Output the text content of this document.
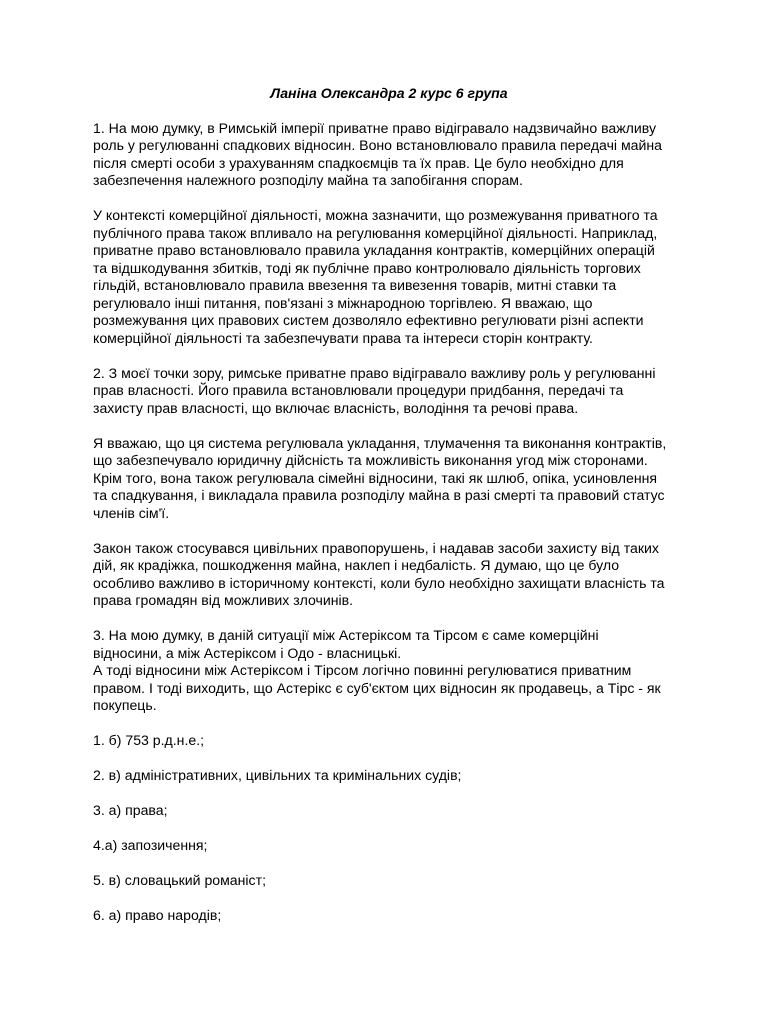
Ланіна Олександра 2 курс 6 група
1. На мою думку, в Римській імперії приватне право відігравало надзвичайно важливу
роль у регулюванні спадкових відносин. Воно встановлювало правила передачі майна
після смерті особи з урахуванням спадкоємців та їх прав. Це було необхідно для
забезпечення належного розподілу майна та запобігання спорам.
У контексті комерційної діяльності, можна зазначити, що розмежування приватного та
публічного права також впливало на регулювання комерційної діяльності. Наприклад,
приватне право встановлювало правила укладання контрактів, комерційних операцій
та відшкодування збитків, тоді як публічне право контролювало діяльність торгових
гільдій, встановлювало правила ввезення та вивезення товарів, митні ставки та
регулювало інші питання, пов'язані з міжнародною торгівлею. Я вважаю, що
розмежування цих правових систем дозволяло ефективно регулювати різні аспекти
комерційної діяльності та забезпечувати права та інтереси сторін контракту.
2. З моєї точки зору, римське приватне право відігравало важливу роль у регулюванні
прав власності. Його правила встановлювали процедури придбання, передачі та
захисту прав власності, що включає власність, володіння та речові права.
Я вважаю, що ця система регулювала укладання, тлумачення та виконання контрактів,
що забезпечувало юридичну дійсність та можливість виконання угод між сторонами.
Крім того, вона також регулювала сімейні відносини, такі як шлюб, опіка, усиновлення
та спадкування, і викладала правила розподілу майна в разі смерті та правовий статус
членів сім'ї.
Закон також стосувався цивільних правопорушень, і надавав засоби захисту від таких
дій, як крадіжка, пошкодження майна, наклеп і недбалість. Я думаю, що це було
особливо важливо в історичному контексті, коли було необхідно захищати власність та
права громадян від можливих злочинів.
3. На мою думку, в даній ситуації між Астеріксом та Тірсом є саме комерційні
відносини, а між Астеріксом і Одо - власницькі.
А тоді відносини між Астеріксом і Тірсом логічно повинні регулюватися приватним
правом. І тоді виходить, що Астерікс є суб'єктом цих відносин як продавець, а Тірс - як
покупець.
1. б) 753 р.д.н.е.;
2. в) адміністративних, цивільних та кримінальних судів;
3. а) права;
4.а) запозичення;
5. в) словацький романіст;
6. а) право народів;
